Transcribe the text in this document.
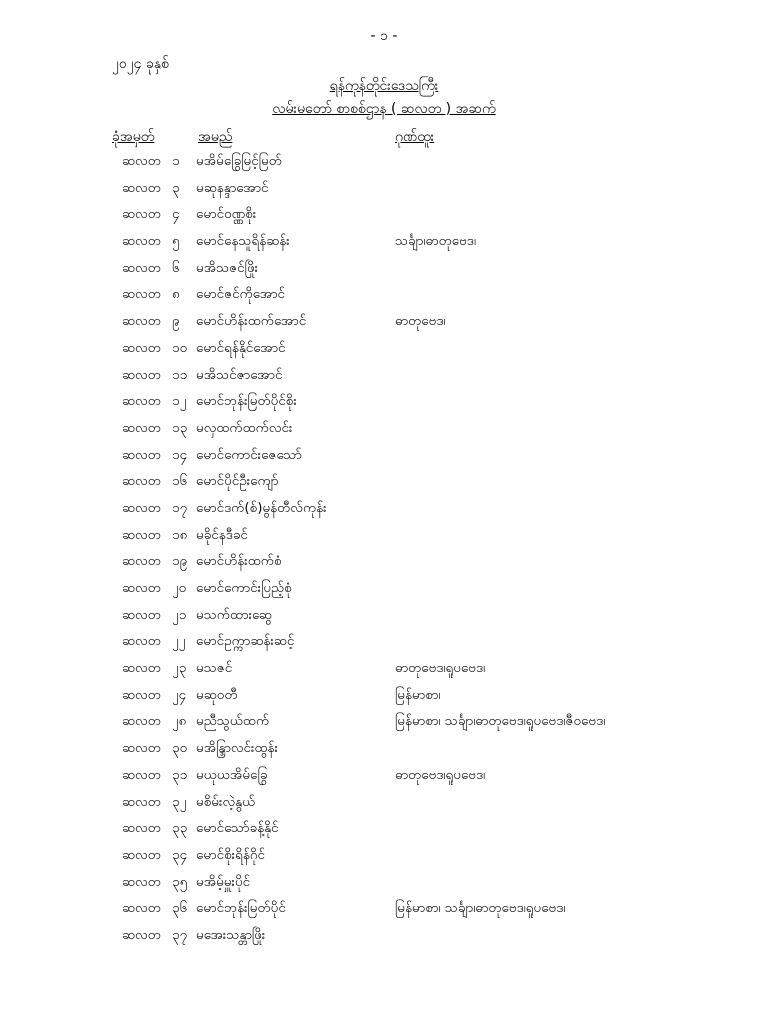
- ၁ -
၂၀၂၄ ခုနှစ်
ရန်ကုန်တိုင်းဒေသကြီး
လမ်းမတော် စာစစ်ဌာန ( ဆလတ ) အဆက်
ခုံအမှတ်	အမည်	ဂုဏ်ထူး
ဆလတ ၁ မအိမ်ခြွေမြင့်မြတ်
ဆလတ ၃ မဆုနန္ဒာအောင်
ဆလတ ၄ မောင်ဝဏ္ဏစိုး
ဆလတ ၅ မောင်နေသူရိန်ဆန်း	သင်္ချာ၊ဓာတုဗေဒ၊
ဆလတ ၆ မအိသဇင်ဖြိုး
ဆလတ ၈ မောင်ဇင်ကိုအောင်
ဆလတ ၉ မောင်ဟိန်းထက်အောင်	ဓာတုဗေဒ၊
ဆလတ ၁၀ မောင်ရန်နိုင်အောင်
ဆလတ ၁၁ မအိသင်ဇာအောင်
ဆလတ ၁၂ မောင်ဘုန်းမြတ်ပိုင်စိုး
ဆလတ ၁၃ မလှထက်ထက်လင်း
ဆလတ ၁၄ မောင်ကောင်းဇေသော်
ဆလတ ၁၆ မောင်ပိုင်ဦးကျော်
ဆလတ ၁၇ မောင်ဒက်(စ်)မွန်တီလ်ကုန်း
ဆလတ ၁၈ မခိုင်နဒီခင်
ဆလတ ၁၉ မောင်ဟိန်းထက်စံ
ဆလတ ၂၀ မောင်ကောင်းပြည့်စုံ
ဆလတ ၂၁ မသက်ထားဆွေ
ဆလတ ၂၂ မောင်ဥက္ကာဆန်းဆင့်
ဆလတ ၂၃ မသဇင်	ဓာတုဗေဒ၊ရူပဗေဒ၊
ဆလတ ၂၄ မဆုဝတီ	မြန်မာစာ၊
ဆလတ ၂၈ မညီသွယ်ထက်	မြန်မာစာ၊ သင်္ချာ၊ဓာတုဗေဒ၊ရူပဗေဒ၊ဇီဝဗေဒ၊
ဆလတ ၃၀ မအိန္ဒြာလင်းထွန်း
ဆလတ ၃၁ မယုယအိမ်ခြွေ	ဓာတုဗေဒ၊ရူပဗေဒ၊
ဆလတ ၃၂ မစိမ်းလဲ့နွယ်
ဆလတ ၃၃ မောင်သော်ခန့်နိုင်
ဆလတ ၃၄ မောင်စိုးရိန်ဂိုင်
ဆလတ ၃၅ မအိမ့်မှူးပိုင်
ဆလတ ၃၆ မောင်ဘုန်းမြတ်ပိုင်	မြန်မာစာ၊ သင်္ချာ၊ဓာတုဗေဒ၊ရူပဗေဒ၊
ဆလတ ၃၇ မအေးသန္တာဖြိုး
